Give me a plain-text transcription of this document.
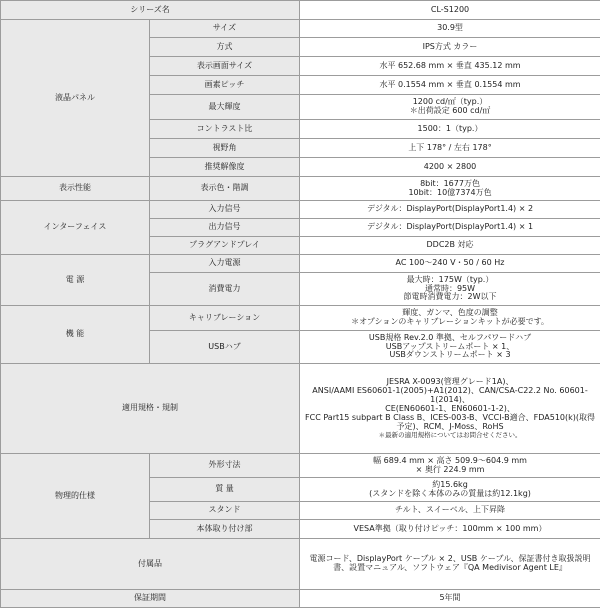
シリーズ名		CL-S1200
液晶パネル	サイズ	30.9型
	方式	IPS方式 カラー
	表示画面サイズ	水平 652.68 mm × 垂直 435.12 mm
	画素ピッチ	水平 0.1554 mm × 垂直 0.1554 mm
	最大輝度	1200 cd/㎡（typ.）
＊出荷設定 600 cd/㎡

	コントラスト比	1500：1（typ.）
	視野角	上下 178° / 左右 178°
	推奨解像度	4200 × 2800
表示性能	表示色・階調	8bit：1677万色
10bit：10億7374万色

インターフェイス	入力信号	デジタル：DisplayPort(DisplayPort1.4) × 2
	出力信号	デジタル：DisplayPort(DisplayPort1.4) × 1
	プラグアンドプレイ	DDC2B 対応
電 源	入力電源	AC 100〜240 V・50 / 60 Hz
	消費電力	最大時：175W（typ.）
通常時：95W
節電時消費電力：2W以下

機 能	キャリブレーション	輝度、ガンマ、色度の調整
＊オプションのキャリブレーションキットが必要です。

	USBハブ	USB規格 Rev.2.0 準拠、セルフパワードハブ
USBアップストリームポート × 1、
USBダウンストリームポート × 3

適用規格・規制		JESRA X-0093(管理グレード1A)、
ANSI/AAMI ES60601-1(2005)+A1(2012)、CAN/CSA-C22.2 No. 60601-1(2014)、
CE(EN60601-1、EN60601-1-2)、
FCC Part15 subpart B Class B、ICES-003-B、VCCI-B適合、FDA510(k)(取得予定)、RCM、J-Moss、RoHS
＊最新の適用規格についてはお問合せください。

物理的仕様	外形寸法	幅 689.4 mm × 高さ 509.9〜604.9 mm
× 奥行 224.9 mm

	質 量	約15.6kg
(スタンドを除く本体のみの質量は約12.1kg)

	スタンド	チルト、スイーベル、上下昇降
	本体取り付け部	VESA準拠（取り付けピッチ：100mm × 100 mm）
付属品		電源コード、DisplayPort ケーブル × 2、USB ケーブル、保証書付き取扱説明書、設置マニュアル、ソフトウェア『QA Medivisor Agent LE』
保証期間		5年間
